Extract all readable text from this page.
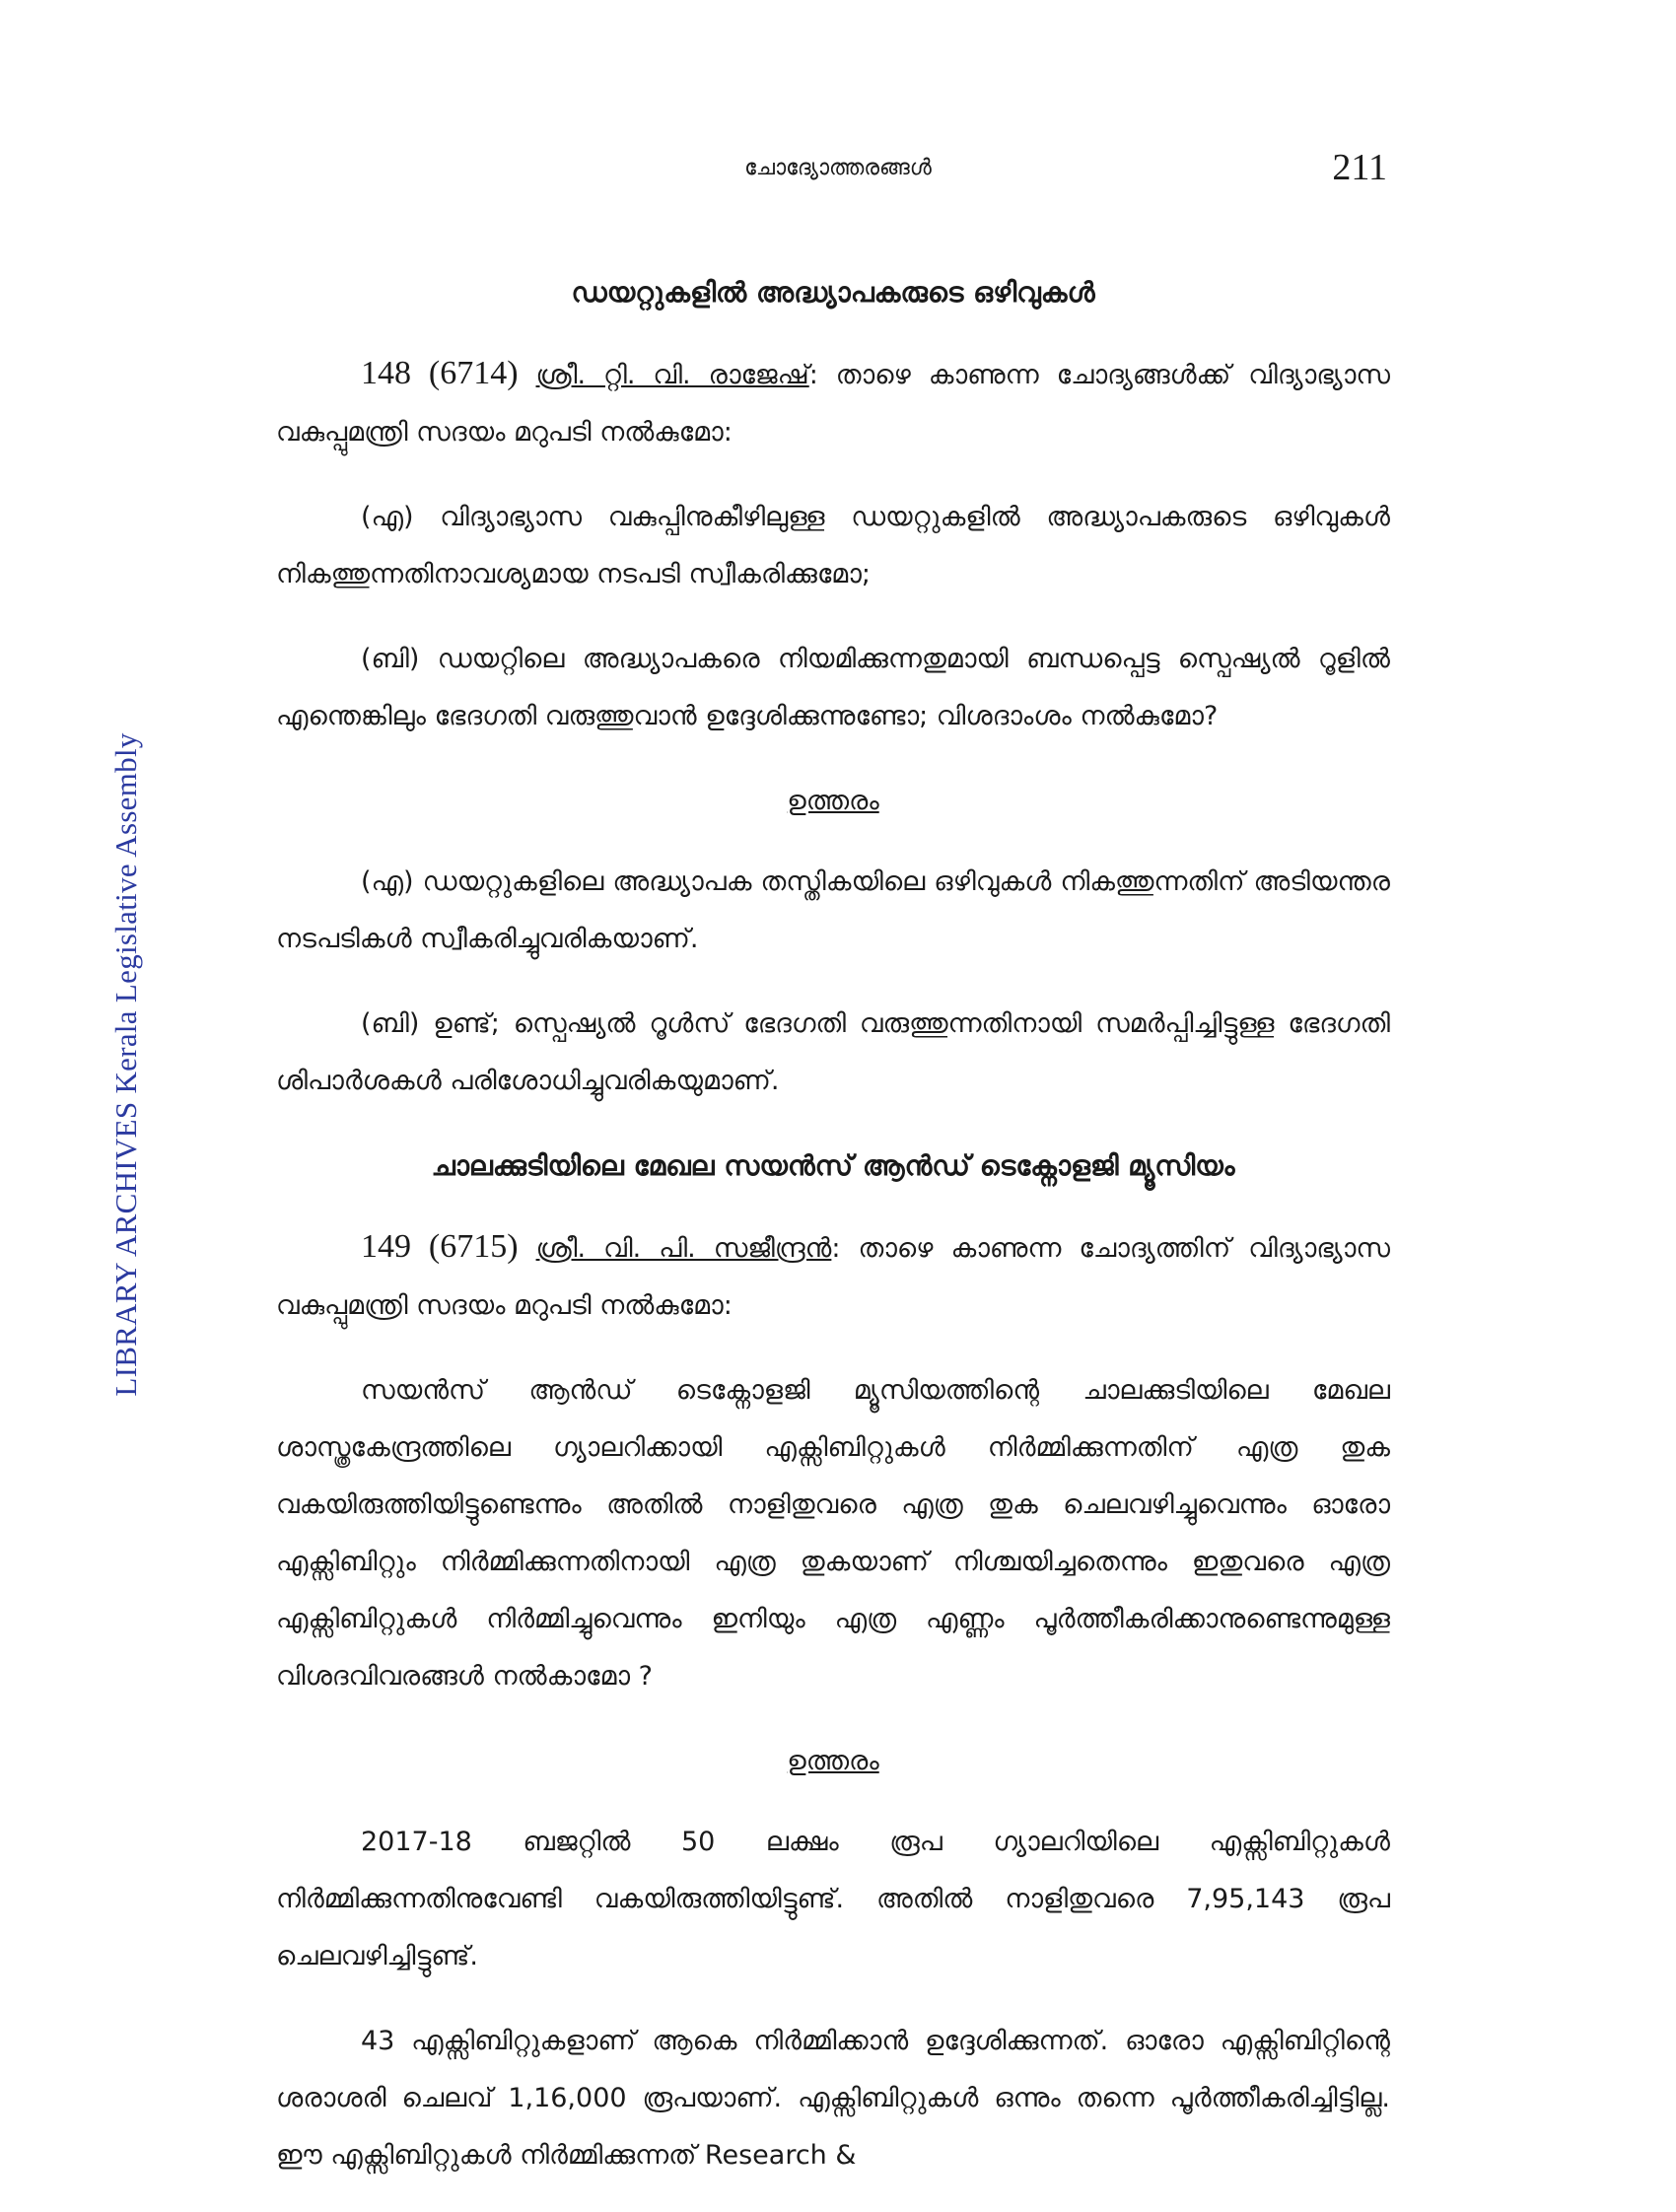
LIBRARY ARCHIVES Kerala Legislative Assembly
ചോദ്യോത്തരങ്ങൾ	211
ഡയറ്റുകളിൽ അദ്ധ്യാപകരുടെ ഒഴിവുകൾ
148 (6714) ശ്രീ. റ്റി. വി. രാജേഷ്: താഴെ കാണുന്ന ചോദ്യങ്ങൾക്ക് വിദ്യാഭ്യാസ വകുപ്പുമന്ത്രി സദയം മറുപടി നൽകുമോ:
(എ) വിദ്യാഭ്യാസ വകുപ്പിനുകീഴിലുള്ള ഡയറ്റുകളിൽ അദ്ധ്യാപകരുടെ ഒഴിവുകൾ നികത്തുന്നതിനാവശ്യമായ നടപടി സ്വീകരിക്കുമോ;
(ബി) ഡയറ്റിലെ അദ്ധ്യാപകരെ നിയമിക്കുന്നതുമായി ബന്ധപ്പെട്ട സ്പെഷ്യൽ റൂളിൽ എന്തെങ്കിലും ഭേദഗതി വരുത്തുവാൻ ഉദ്ദേശിക്കുന്നുണ്ടോ; വിശദാംശം നൽകുമോ?
ഉത്തരം
(എ) ഡയറ്റുകളിലെ അദ്ധ്യാപക തസ്തികയിലെ ഒഴിവുകൾ നികത്തുന്നതിന് അടിയന്തര നടപടികൾ സ്വീകരിച്ചുവരികയാണ്.
(ബി) ഉണ്ട്; സ്പെഷ്യൽ റൂൾസ് ഭേദഗതി വരുത്തുന്നതിനായി സമർപ്പിച്ചിട്ടുള്ള ഭേദഗതി ശിപാർശകൾ പരിശോധിച്ചുവരികയുമാണ്.
ചാലക്കുടിയിലെ മേഖല സയൻസ് ആൻഡ് ടെക്നോളജി മ്യൂസിയം
149 (6715) ശ്രീ. വി. പി. സജീന്ദ്രൻ: താഴെ കാണുന്ന ചോദ്യത്തിന് വിദ്യാഭ്യാസ വകുപ്പുമന്ത്രി സദയം മറുപടി നൽകുമോ:
സയൻസ് ആൻഡ് ടെക്നോളജി മ്യൂസിയത്തിന്റെ ചാലക്കുടിയിലെ മേഖല ശാസ്ത്രകേന്ദ്രത്തിലെ ഗ്യാലറിക്കായി എക്സിബിറ്റുകൾ നിർമ്മിക്കുന്നതിന് എത്ര തുക വകയിരുത്തിയിട്ടുണ്ടെന്നും അതിൽ നാളിതുവരെ എത്ര തുക ചെലവഴിച്ചുവെന്നും ഓരോ എക്സിബിറ്റും നിർമ്മിക്കുന്നതിനായി എത്ര തുകയാണ് നിശ്ചയിച്ചതെന്നും ഇതുവരെ എത്ര എക്സിബിറ്റുകൾ നിർമ്മിച്ചുവെന്നും ഇനിയും എത്ര എണ്ണം പൂർത്തീകരിക്കാനുണ്ടെന്നുമുള്ള വിശദവിവരങ്ങൾ നൽകാമോ ?
ഉത്തരം
2017-18 ബജറ്റിൽ 50 ലക്ഷം രൂപ ഗ്യാലറിയിലെ എക്സിബിറ്റുകൾ നിർമ്മിക്കുന്നതിനുവേണ്ടി വകയിരുത്തിയിട്ടുണ്ട്. അതിൽ നാളിതുവരെ 7,95,143 രൂപ ചെലവഴിച്ചിട്ടുണ്ട്.
43 എക്സിബിറ്റുകളാണ് ആകെ നിർമ്മിക്കാൻ ഉദ്ദേശിക്കുന്നത്. ഓരോ എക്സിബിറ്റിന്റെ ശരാശരി ചെലവ് 1,16,000 രൂപയാണ്. എക്സിബിറ്റുകൾ ഒന്നും തന്നെ പൂർത്തീകരിച്ചിട്ടില്ല. ഈ എക്സിബിറ്റുകൾ നിർമ്മിക്കുന്നത് Research &
